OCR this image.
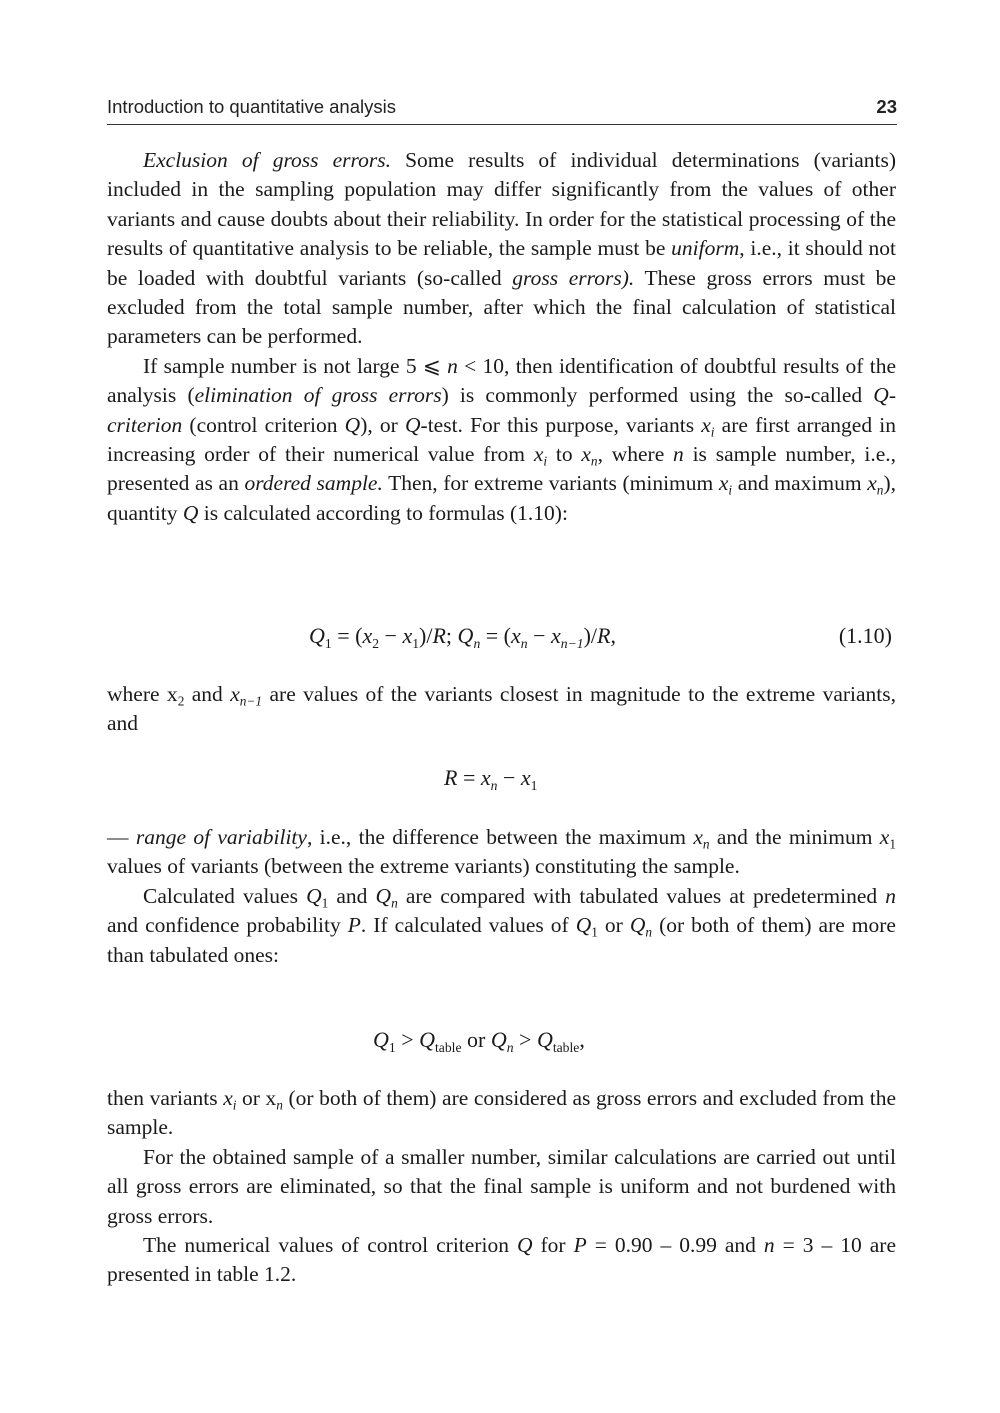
Introduction to quantitative analysis	23

Exclusion of gross errors. Some results of individual determinations (variants) included in the sampling population may differ significantly from the values of other variants and cause doubts about their reliability. In order for the statistical processing of the results of quantitative analysis to be reliable, the sample must be uniform, i.e., it should not be loaded with doubtful variants (so-called gross errors). These gross errors must be excluded from the total sample number, after which the final calculation of statistical parameters can be performed.

If sample number is not large 5 ⩽ n < 10, then identification of doubtful results of the analysis (elimination of gross errors) is commonly performed using the so-called Q-criterion (control criterion Q), or Q-test. For this purpose, variants $x_i$ are first arranged in increasing order of their numerical value from $x_i$ to $x_n$, where n is sample number, i.e., presented as an ordered sample. Then, for extreme variants (minimum $x_i$ and maximum $x_n$), quantity Q is calculated according to formulas (1.10):

$Q_1 = (x_2 - x_1)/R$; $Q_n = (x_n - x_{n-1})/R$,	(1.10)

where $x_2$ and $x_{n-1}$ are values of the variants closest in magnitude to the extreme variants, and

$R = x_n - x_1$

— range of variability, i.e., the difference between the maximum $x_n$ and the minimum $x_1$ values of variants (between the extreme variants) constituting the sample.

Calculated values $Q_1$ and $Q_n$ are compared with tabulated values at predetermined n and confidence probability P. If calculated values of $Q_1$ or $Q_n$ (or both of them) are more than tabulated ones:

$Q_1 > Q_{table}$ or $Q_n > Q_{table}$,

then variants $x_i$ or $x_n$ (or both of them) are considered as gross errors and excluded from the sample.

For the obtained sample of a smaller number, similar calculations are carried out until all gross errors are eliminated, so that the final sample is uniform and not burdened with gross errors.

The numerical values of control criterion Q for P = 0.90 – 0.99 and n = 3 – 10 are presented in table 1.2.
